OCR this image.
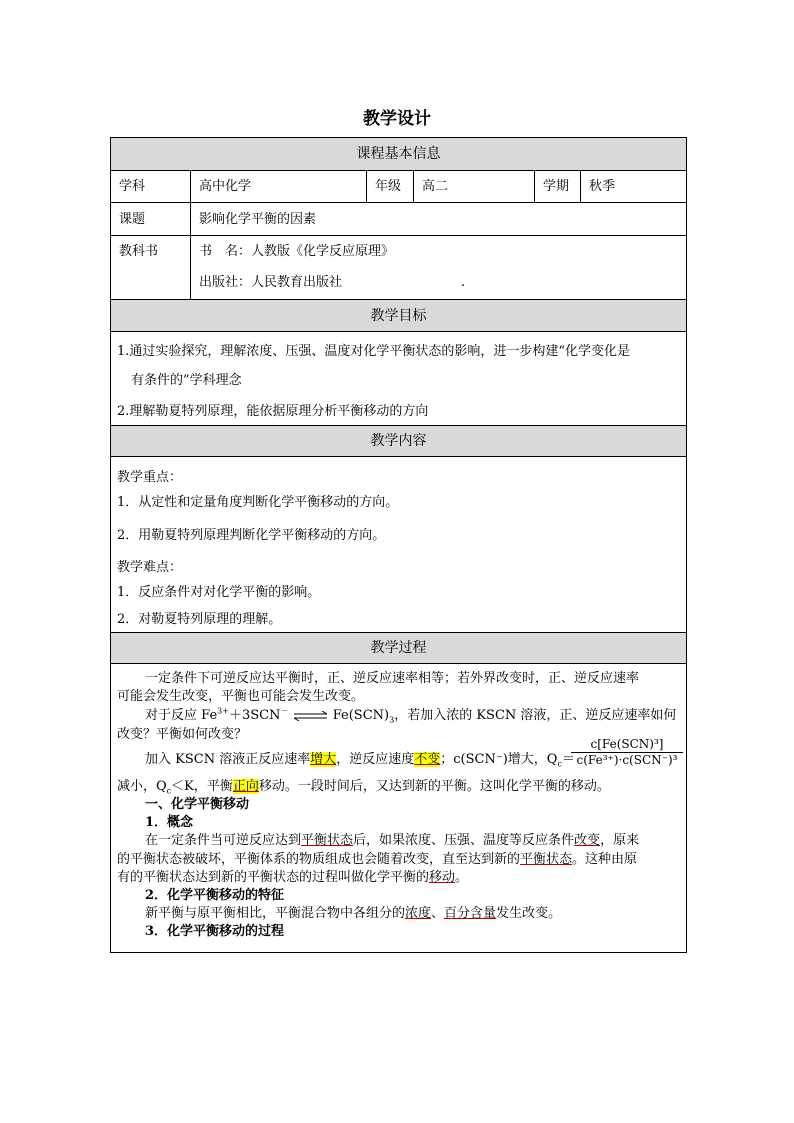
教学设计
课程基本信息
学科	高中化学	年级	高二	学期	秋季
课题	影响化学平衡的因素
教科书	书　名：人教版《化学反应原理》
出版社：人民教育出版社	.
教学目标
1.通过实验探究，理解浓度、压强、温度对化学平衡状态的影响，进一步构建“化学变化是
有条件的”学科理念
2.理解勒夏特列原理，能依据原理分析平衡移动的方向
教学内容
教学重点：
1．从定性和定量角度判断化学平衡移动的方向。
2．用勒夏特列原理判断化学平衡移动的方向。
教学难点：
1．反应条件对对化学平衡的影响。
2．对勒夏特列原理的理解。
教学过程
一定条件下可逆反应达平衡时，正、逆反应速率相等；若外界改变时，正、逆反应速率
可能会发生改变，平衡也可能会发生改变。
对于反应 $Fe^{3+}+3SCN^-$ ⇌ $Fe(SCN)_3$，若加入浓的 KSCN 溶液，正、逆反应速率如何
改变？平衡如何改变？
加入 KSCN 溶液正反应速率增大，逆反应速度不变；c(SCN⁻)增大，$Q_c=$
c[Fe(SCN)³]
c(Fe³⁺)·c(SCN⁻)³
减小，$Q_c<K$，平衡正向移动。一段时间后，又达到新的平衡。这叫化学平衡的移动。
一、化学平衡移动
1．概念
在一定条件当可逆反应达到平衡状态后，如果浓度、压强、温度等反应条件改变，原来
的平衡状态被破坏，平衡体系的物质组成也会随着改变，直至达到新的平衡状态。这种由原
有的平衡状态达到新的平衡状态的过程叫做化学平衡的移动。
2．化学平衡移动的特征
新平衡与原平衡相比，平衡混合物中各组分的浓度、百分含量发生改变。
3．化学平衡移动的过程
